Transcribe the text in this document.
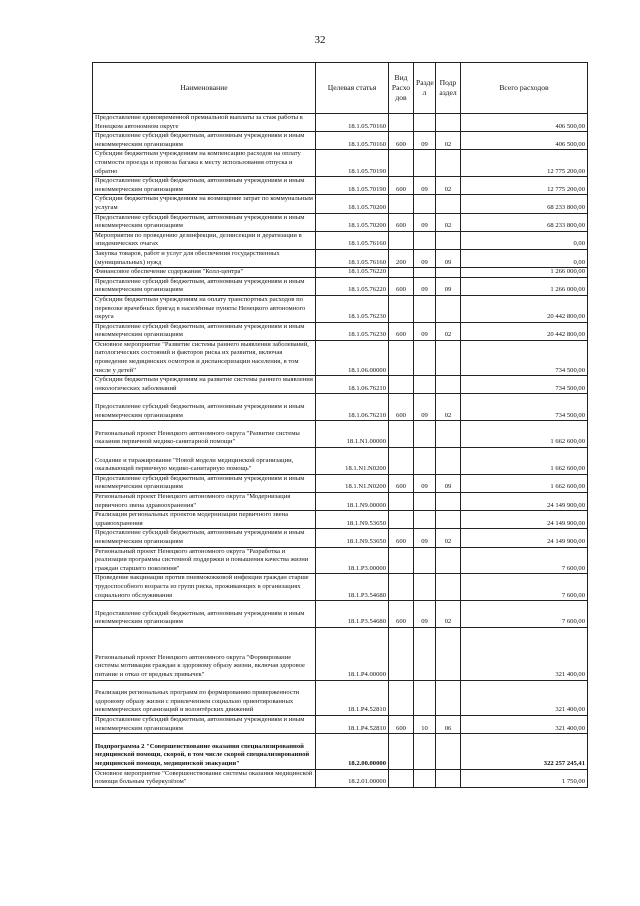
32
Наименование	Целевая статья	Вид Расхо дов	Разде л	Подр аздел	Всего расходов
Предоставление единовременной премиальной выплаты за стаж работы в Ненецком автономном округе	18.1.05.70160				406 500,00
Предоставление субсидий бюджетным, автономным учреждениям и иным некоммерческим организациям	18.1.05.70160	600	09	02	406 500,00
Субсидии бюджетным учреждениям на компенсацию расходов на оплату стоимости проезда и провоза багажа к месту использования отпуска и обратно	18.1.05.70190				12 775 200,00
Предоставление субсидий бюджетным, автономным учреждениям и иным некоммерческим организациям	18.1.05.70190	600	09	02	12 775 200,00
Субсидии бюджетным учреждениям на возмещение затрат по коммунальным услугам	18.1.05.70200				68 233 800,00
Предоставление субсидий бюджетным, автономным учреждениям и иным некоммерческим организациям	18.1.05.70200	600	09	02	68 233 800,00
Мероприятия по проведению дезинфекции, дезинсекции и дератизации в эпидемических очагах	18.1.05.76160				0,00
Закупка товаров, работ и услуг для обеспечения государственных (муниципальных) нужд	18.1.05.76160	200	09	09	0,00
Финансовое обеспечение содержания "Колл-центра"	18.1.05.76220				1 266 000,00
Предоставление субсидий бюджетным, автономным учреждениям и иным некоммерческим организациям	18.1.05.76220	600	09	09	1 266 000,00
Субсидии бюджетным учреждениям на оплату транспортных расходов по перевозке врачебных бригад в населённые пункты Ненецкого автономного округа	18.1.05.76230				20 442 800,00
Предоставление субсидий бюджетным, автономным учреждениям и иным некоммерческим организациям	18.1.05.76230	600	09	02	20 442 800,00
Основное мероприятие "Развитие системы раннего выявления заболеваний, патологических состояний и факторов риска их развития, включая проведение медицинских осмотров и диспансеризации населения, в том числе у детей"	18.1.06.00000				734 500,00
Субсидии бюджетным учреждениям на развитие системы раннего выявления онкологических заболеваний	18.1.06.76210				734 500,00
Предоставление субсидий бюджетным, автономным учреждениям и иным некоммерческим организациям	18.1.06.76210	600	09	02	734 500,00
Региональный проект Ненецкого автономного округа "Развитие системы оказания первичной медико-санитарной помощи"	18.1.N1.00000				1 662 600,00
Создание и тиражирование "Новой модели медицинской организации, оказывающей первичную медико-санитарную помощь"	18.1.N1.N0200				1 662 600,00
Предоставление субсидий бюджетным, автономным учреждениям и иным некоммерческим организациям	18.1.N1.N0200	600	09	09	1 662 600,00
Региональный проект Ненецкого автономного округа "Модернизация первичного звена здравоохранения"	18.1.N9.00000				24 149 900,00
Реализация региональных проектов модернизации первичного звена здравоохранения	18.1.N9.53650				24 149 900,00
Предоставление субсидий бюджетным, автономным учреждениям и иным некоммерческим организациям	18.1.N9.53650	600	09	02	24 149 900,00
Региональный проект Ненецкого автономного округа "Разработка и реализация программы системной поддержки и повышения качества жизни граждан старшего поколения"	18.1.P3.00000				7 600,00
Проведение вакцинации против пневмококковой инфекции граждан старше трудоспособного возраста из групп риска, проживающих в организациях социального обслуживания	18.1.P3.54680				7 600,00
Предоставление субсидий бюджетным, автономным учреждениям и иным некоммерческим организациям	18.1.P3.54680	600	09	02	7 600,00
Региональный проект Ненецкого автономного округа "Формирование системы мотивации граждан к здоровому образу жизни, включая здоровое питание и отказ от вредных привычек"	18.1.P4.00000				321 400,00
Реализация региональных программ по формированию приверженности здоровому образу жизни с привлечением социально ориентированных некоммерческих организаций и волонтёрских движений	18.1.P4.52810				321 400,00
Предоставление субсидий бюджетным, автономным учреждениям и иным некоммерческим организациям	18.1.P4.52810	600	10	06	321 400,00
Подпрограмма 2 "Совершенствование оказания специализированной медицинской помощи, скорой, в том числе скорой специализированной медицинской помощи, медицинской эвакуации"	18.2.00.00000				322 257 245,41
Основное мероприятие "Совершенствование системы оказания медицинской помощи больным туберкулёзом"	18.2.01.00000				1 750,00
